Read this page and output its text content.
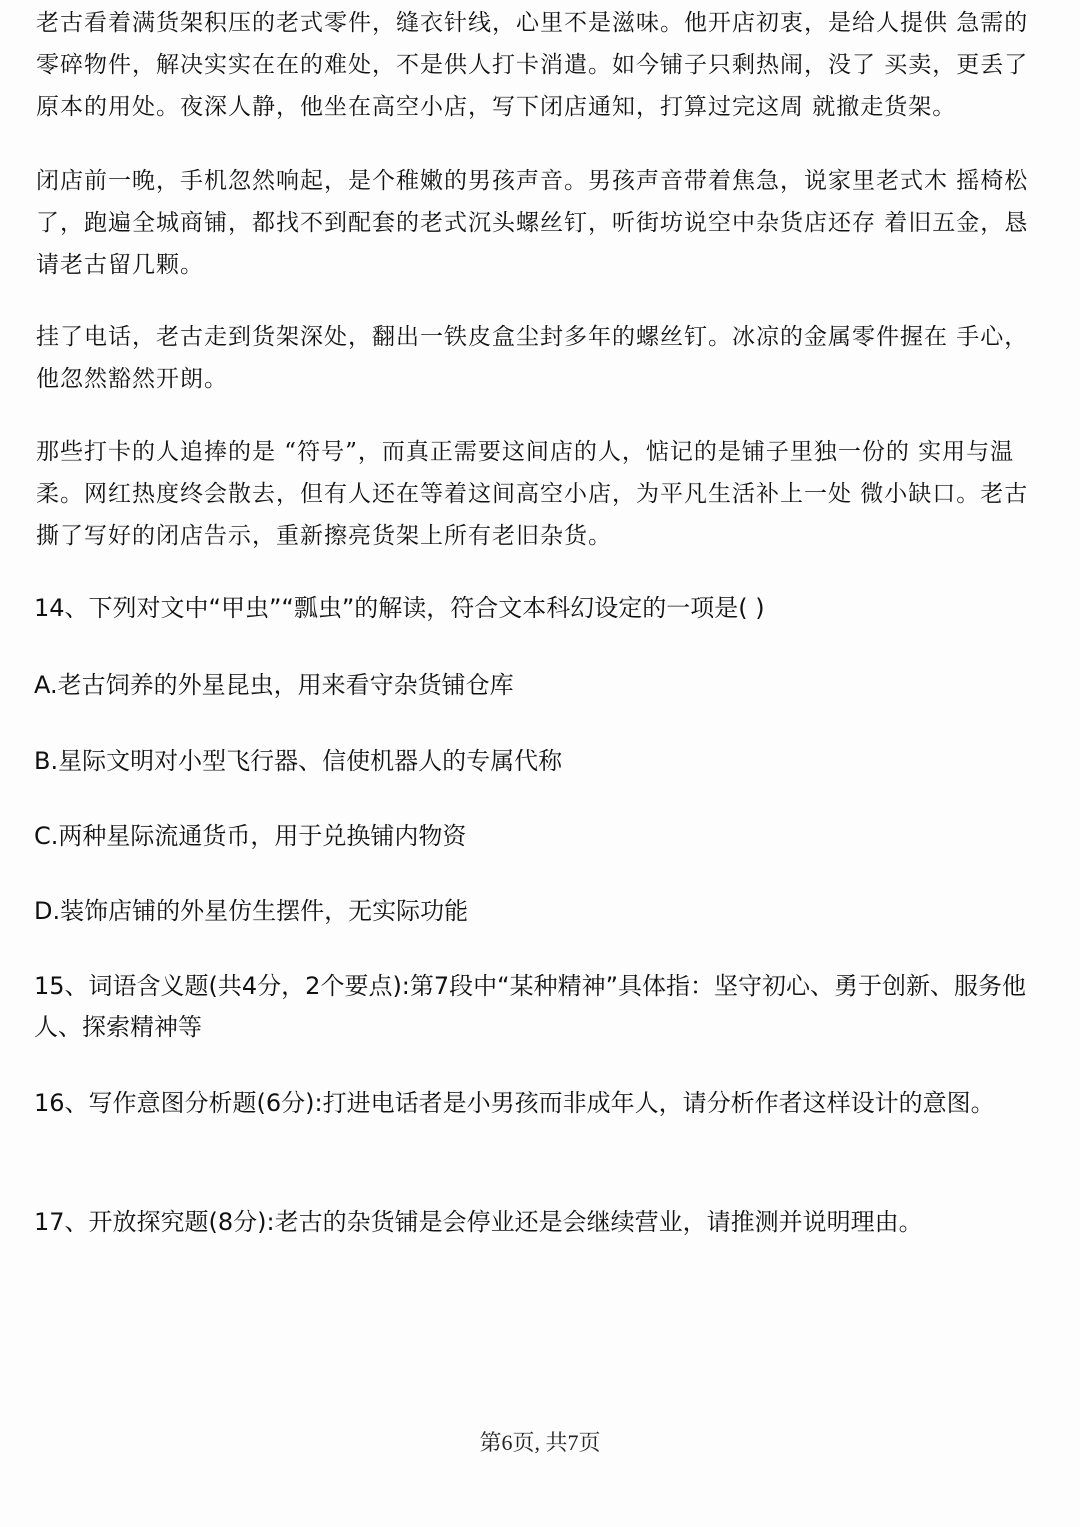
老古看着满货架积压的老式零件，缝衣针线，心里不是滋味。他开店初衷，是给人提供 急需的零碎物件，解决实实在在的难处，不是供人打卡消遣。如今铺子只剩热闹，没了 买卖，更丢了原本的用处。夜深人静，他坐在高空小店，写下闭店通知，打算过完这周 就撤走货架。

闭店前一晚，手机忽然响起，是个稚嫩的男孩声音。男孩声音带着焦急，说家里老式木 摇椅松了，跑遍全城商铺，都找不到配套的老式沉头螺丝钉，听街坊说空中杂货店还存 着旧五金，恳请老古留几颗。

挂了电话，老古走到货架深处，翻出一铁皮盒尘封多年的螺丝钉。冰凉的金属零件握在 手心，他忽然豁然开朗。

那些打卡的人追捧的是 “符号”，而真正需要这间店的人，惦记的是铺子里独一份的 实用与温柔。网红热度终会散去，但有人还在等着这间高空小店，为平凡生活补上一处 微小缺口。老古撕了写好的闭店告示，重新擦亮货架上所有老旧杂货。

14、下列对文中“甲虫”“瓢虫”的解读，符合文本科幻设定的一项是( )

A.老古饲养的外星昆虫，用来看守杂货铺仓库

B.星际文明对小型飞行器、信使机器人的专属代称

C.两种星际流通货币，用于兑换铺内物资

D.装饰店铺的外星仿生摆件，无实际功能

15、词语含义题(共4分，2个要点):第7段中“某种精神”具体指：坚守初心、勇于创新、服务他人、探索精神等

16、写作意图分析题(6分):打进电话者是小男孩而非成年人，请分析作者这样设计的意图。

17、开放探究题(8分):老古的杂货铺是会停业还是会继续营业，请推测并说明理由。

第6页, 共7页
